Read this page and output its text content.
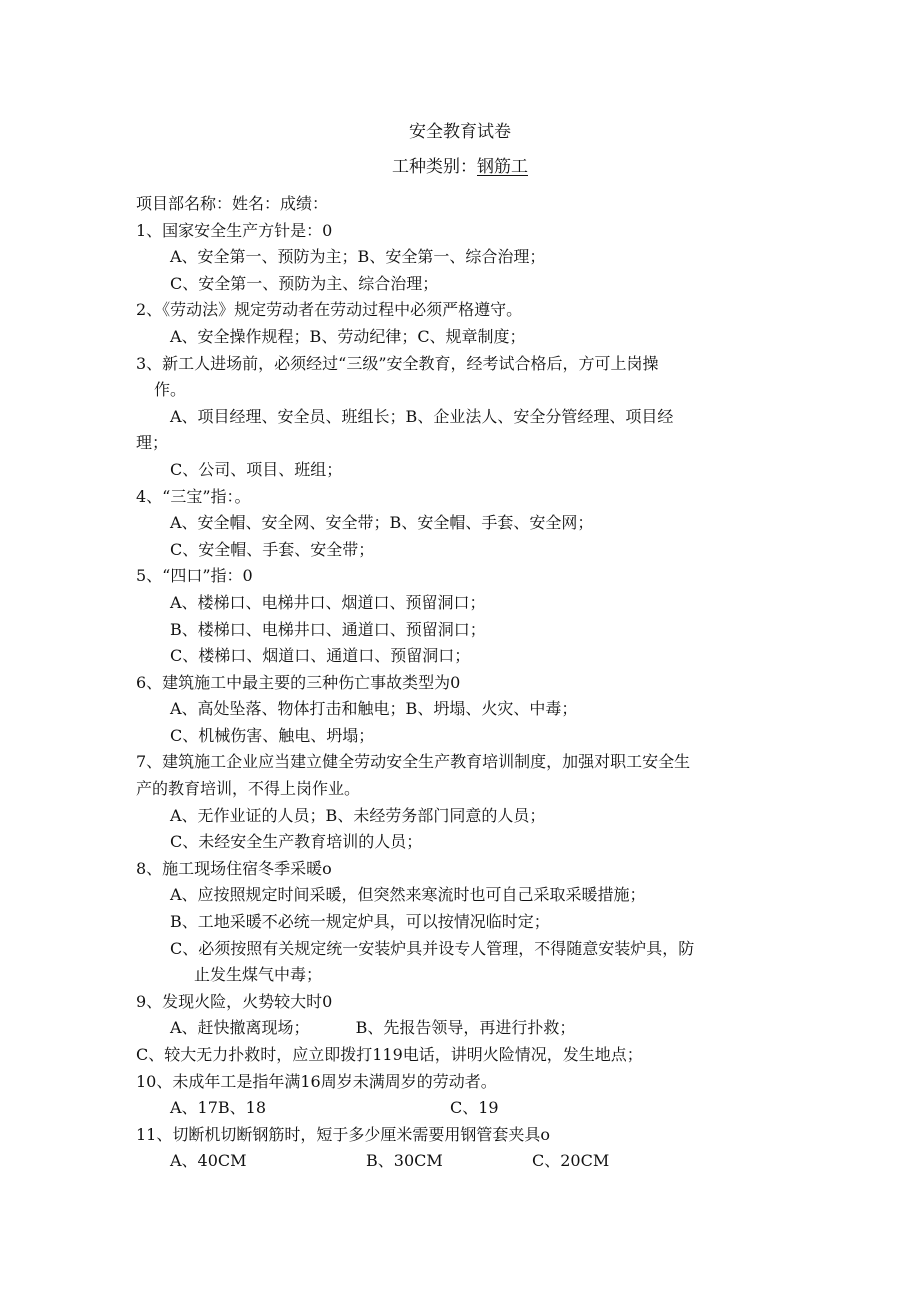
安全教育试卷
工种类别：钢筋工
项目部名称：姓名：成绩：
1、国家安全生产方针是：0
A、安全第一、预防为主；B、安全第一、综合治理；
C、安全第一、预防为主、综合治理；
2、《劳动法》规定劳动者在劳动过程中必须严格遵守。
A、安全操作规程；B、劳动纪律；C、规章制度；
3、新工人进场前，必须经过“三级”安全教育，经考试合格后，方可上岗操
作。
A、项目经理、安全员、班组长；B、企业法人、安全分管经理、项目经
理；
C、公司、项目、班组；
4、“三宝”指：。
A、安全帽、安全网、安全带；B、安全帽、手套、安全网；
C、安全帽、手套、安全带；
5、“四口”指：0
A、楼梯口、电梯井口、烟道口、预留洞口；
B、楼梯口、电梯井口、通道口、预留洞口；
C、楼梯口、烟道口、通道口、预留洞口；
6、建筑施工中最主要的三种伤亡事故类型为0
A、高处坠落、物体打击和触电；B、坍塌、火灾、中毒；
C、机械伤害、触电、坍塌；
7、建筑施工企业应当建立健全劳动安全生产教育培训制度，加强对职工安全生
产的教育培训，不得上岗作业。
A、无作业证的人员；B、未经劳务部门同意的人员；
C、未经安全生产教育培训的人员；
8、施工现场住宿冬季采暖o
A、应按照规定时间采暖，但突然来寒流时也可自己采取采暖措施；
B、工地采暖不必统一规定炉具，可以按情况临时定；
C、必须按照有关规定统一安装炉具并设专人管理，不得随意安装炉具，防
止发生煤气中毒；
9、发现火险，火势较大时0
A、赶快撤离现场；	B、先报告领导，再进行扑救；
C、较大无力扑救时，应立即拨打119电话，讲明火险情况，发生地点；
10、未成年工是指年满16周岁未满周岁的劳动者。
A、17B、18	C、19
11、切断机切断钢筋时，短于多少厘米需要用钢管套夹具o
A、40CM	B、30CM	C、20CM
